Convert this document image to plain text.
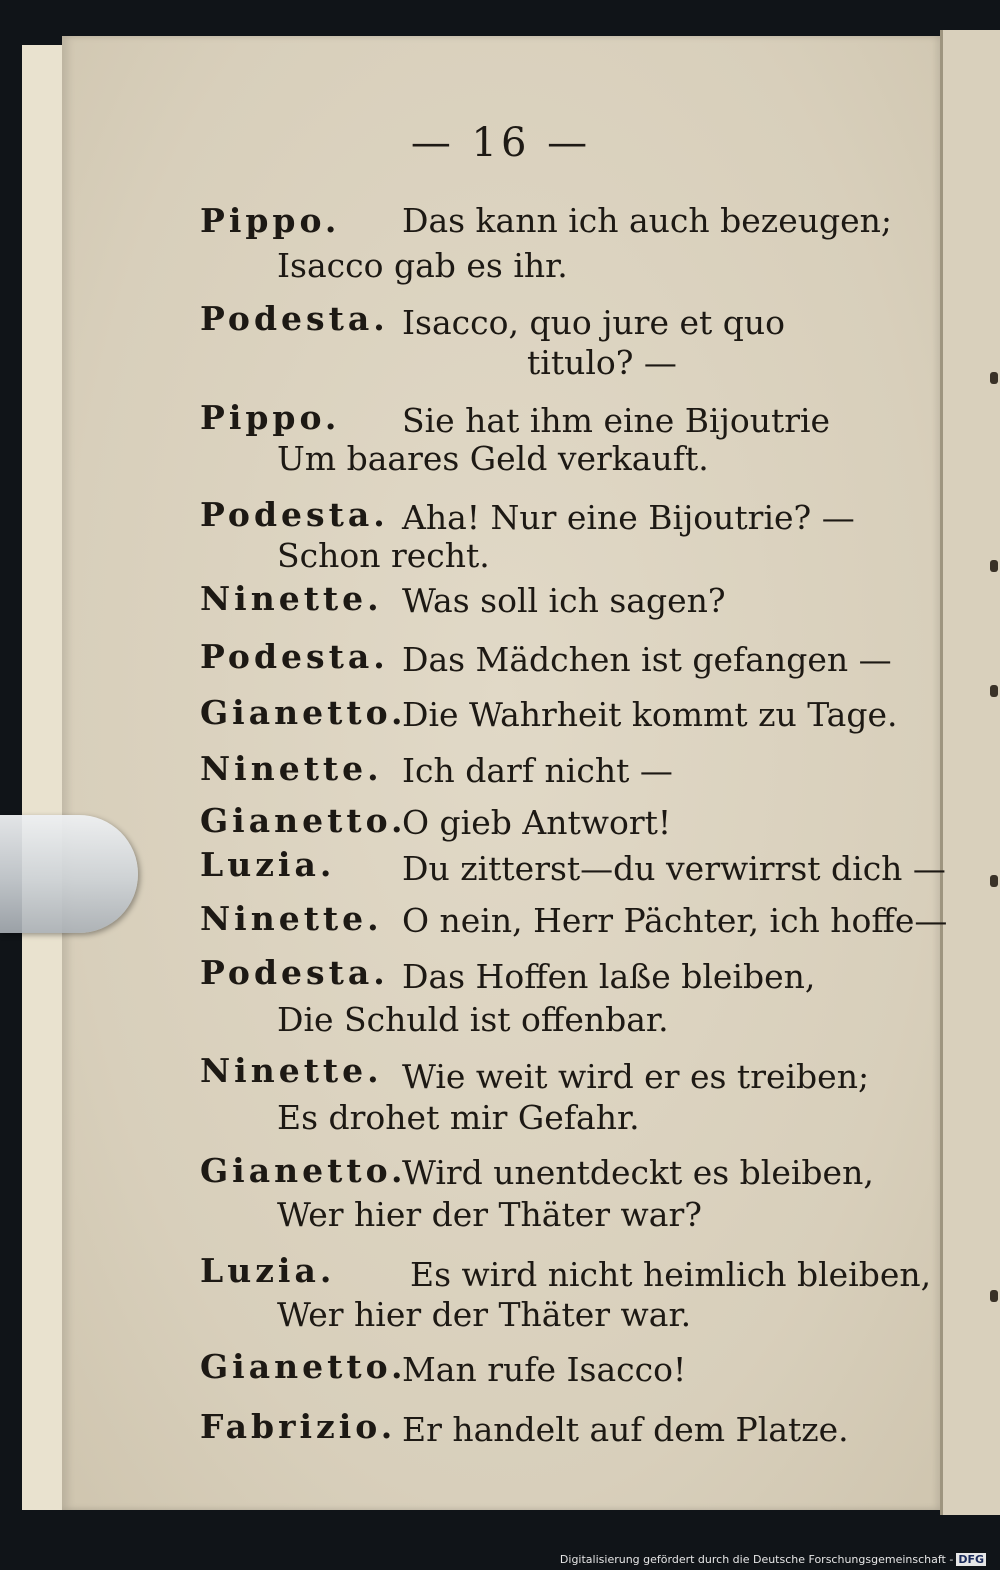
— 16 —
Pippo. Das kann ich auch bezeugen;
Isacco gab es ihr.
Podesta. Isacco, quo jure et quo
titulo? —
Pippo. Sie hat ihm eine Bijoutrie
Um baares Geld verkauft.
Podesta. Aha! Nur eine Bijoutrie? —
Schon recht.
Ninette. Was soll ich sagen?
Podesta. Das Mädchen ist gefangen —
Gianetto.
Die Wahrheit kommt zu Tage.
Ninette. Ich darf nicht —
Gianetto.
O gieb Antwort!
Luzia. Du zitterst—du verwirrst dich —
Ninette. O nein, Herr Pächter, ich hoffe—
Podesta. Das Hoffen laße bleiben,
Die Schuld ist offenbar.
Ninette. Wie weit wird er es treiben;
Es drohet mir Gefahr.
Gianetto.
Wird unentdeckt es bleiben,
Wer hier der Thäter war?
Luzia. Es wird nicht heimlich bleiben,
Wer hier der Thäter war.
Gianetto.
Man rufe Isacco!
Fabrizio. Er handelt auf dem Platze.
Digitalisierung gefördert durch die Deutsche Forschungsgemeinschaft - DFG
